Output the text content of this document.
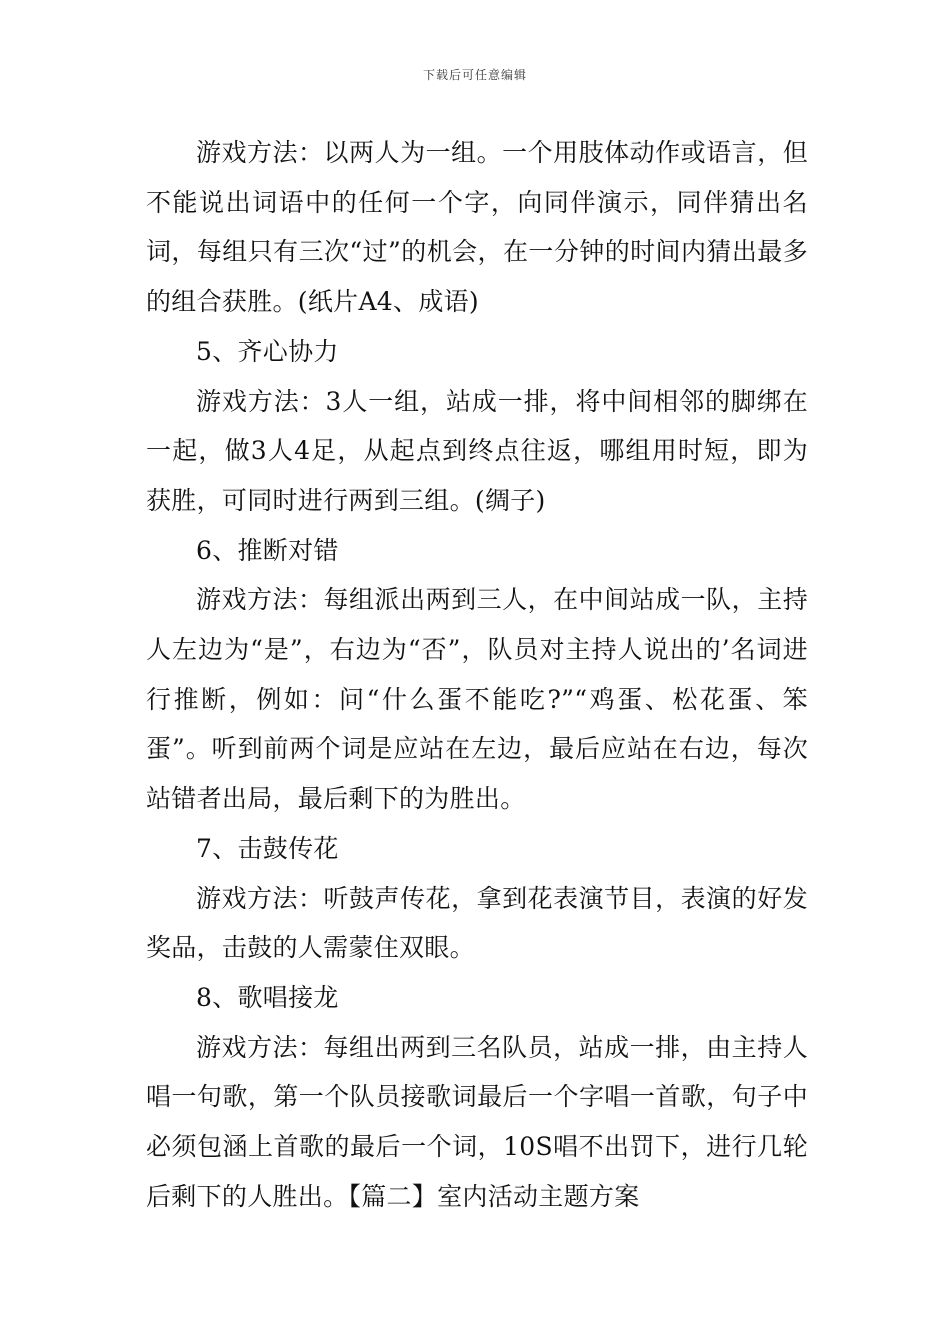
下载后可任意编辑

游戏方法：以两人为一组。一个用肢体动作或语言，但不能说出词语中的任何一个字，向同伴演示，同伴猜出名词，每组只有三次“过”的机会，在一分钟的时间内猜出最多的组合获胜。(纸片A4、成语)

5、齐心协力

游戏方法：3人一组，站成一排，将中间相邻的脚绑在一起，做3人4足，从起点到终点往返，哪组用时短，即为获胜，可同时进行两到三组。(绸子)

6、推断对错

游戏方法：每组派出两到三人，在中间站成一队，主持人左边为“是”，右边为“否”，队员对主持人说出的’名词进行推断，例如：问“什么蛋不能吃?”“鸡蛋、松花蛋、笨蛋”。听到前两个词是应站在左边，最后应站在右边，每次站错者出局，最后剩下的为胜出。

7、击鼓传花

游戏方法：听鼓声传花，拿到花表演节目，表演的好发奖品，击鼓的人需蒙住双眼。

8、歌唱接龙

游戏方法：每组出两到三名队员，站成一排，由主持人唱一句歌，第一个队员接歌词最后一个字唱一首歌，句子中必须包涵上首歌的最后一个词，10S唱不出罚下，进行几轮后剩下的人胜出。【篇二】室内活动主题方案
